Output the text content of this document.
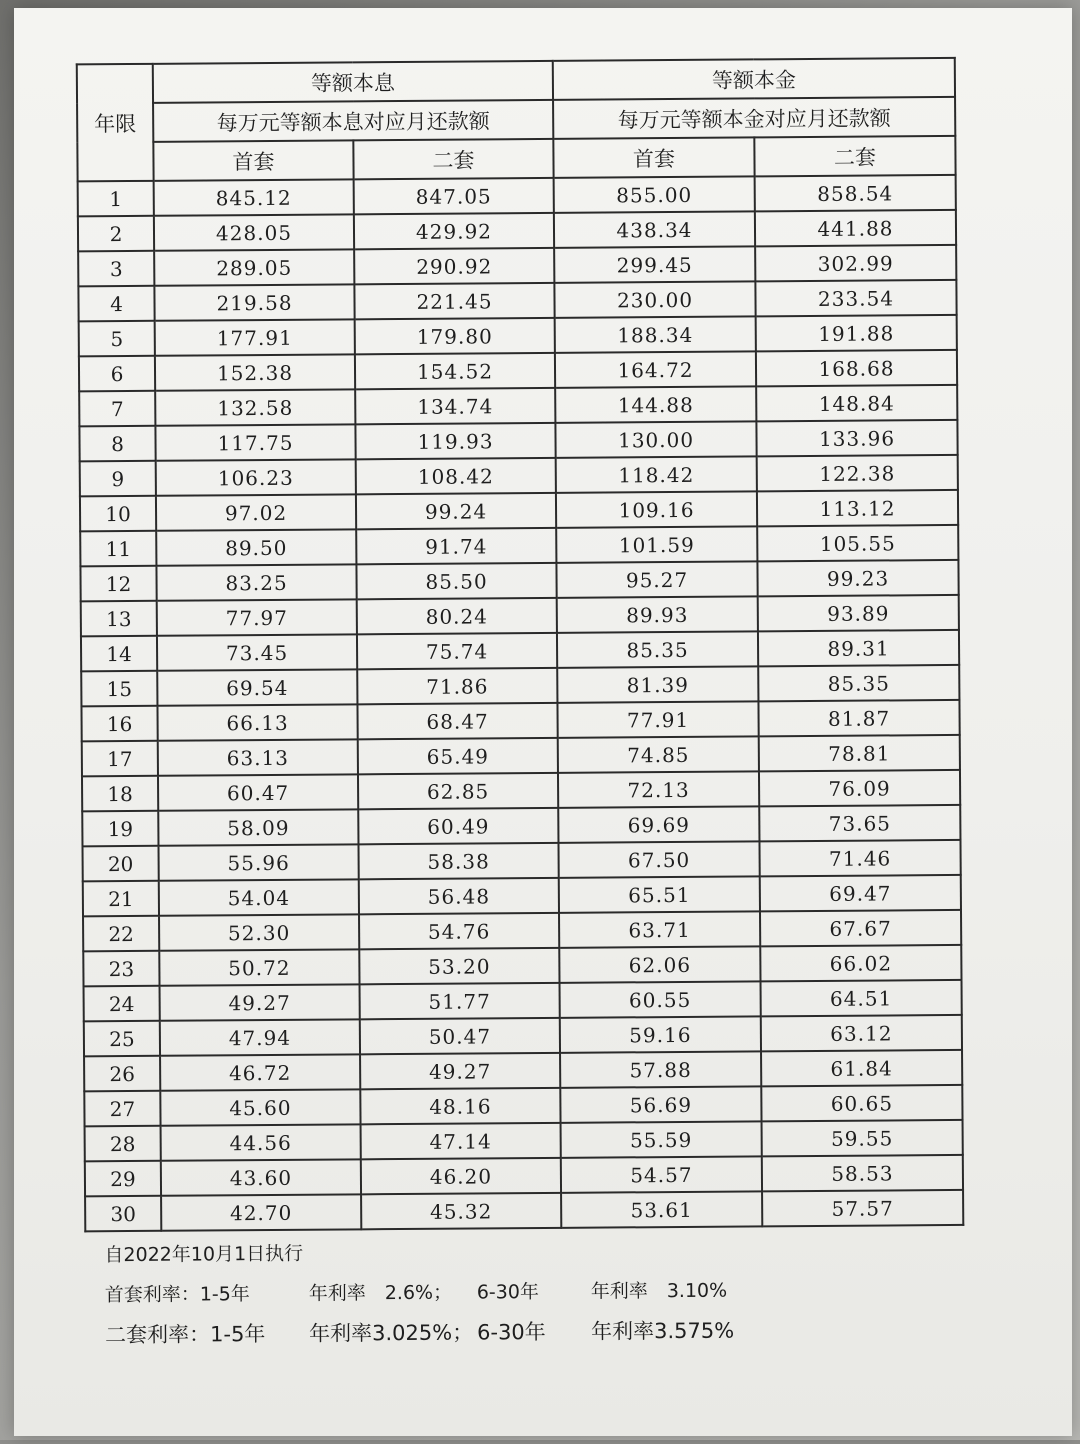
年限	等额本息		等额本金	
	每万元等额本息对应月还款额		每万元等额本金对应月还款额	
	首套	二套	首套	二套
1	845.12	847.05	855.00	858.54
2	428.05	429.92	438.34	441.88
3	289.05	290.92	299.45	302.99
4	219.58	221.45	230.00	233.54
5	177.91	179.80	188.34	191.88
6	152.38	154.52	164.72	168.68
7	132.58	134.74	144.88	148.84
8	117.75	119.93	130.00	133.96
9	106.23	108.42	118.42	122.38
10	97.02	99.24	109.16	113.12
11	89.50	91.74	101.59	105.55
12	83.25	85.50	95.27	99.23
13	77.97	80.24	89.93	93.89
14	73.45	75.74	85.35	89.31
15	69.54	71.86	81.39	85.35
16	66.13	68.47	77.91	81.87
17	63.13	65.49	74.85	78.81
18	60.47	62.85	72.13	76.09
19	58.09	60.49	69.69	73.65
20	55.96	58.38	67.50	71.46
21	54.04	56.48	65.51	69.47
22	52.30	54.76	63.71	67.67
23	50.72	53.20	62.06	66.02
24	49.27	51.77	60.55	64.51
25	47.94	50.47	59.16	63.12
26	46.72	49.27	57.88	61.84
27	45.60	48.16	56.69	60.65
28	44.56	47.14	55.59	59.55
29	43.60	46.20	54.57	58.53
30	42.70	45.32	53.61	57.57
自2022年10月1日执行
首套利率：1-5年	年利率　2.6%； 6-30年	年利率　3.10%
二套利率：1-5年 年利率3.025%； 6-30年 年利率3.575%
